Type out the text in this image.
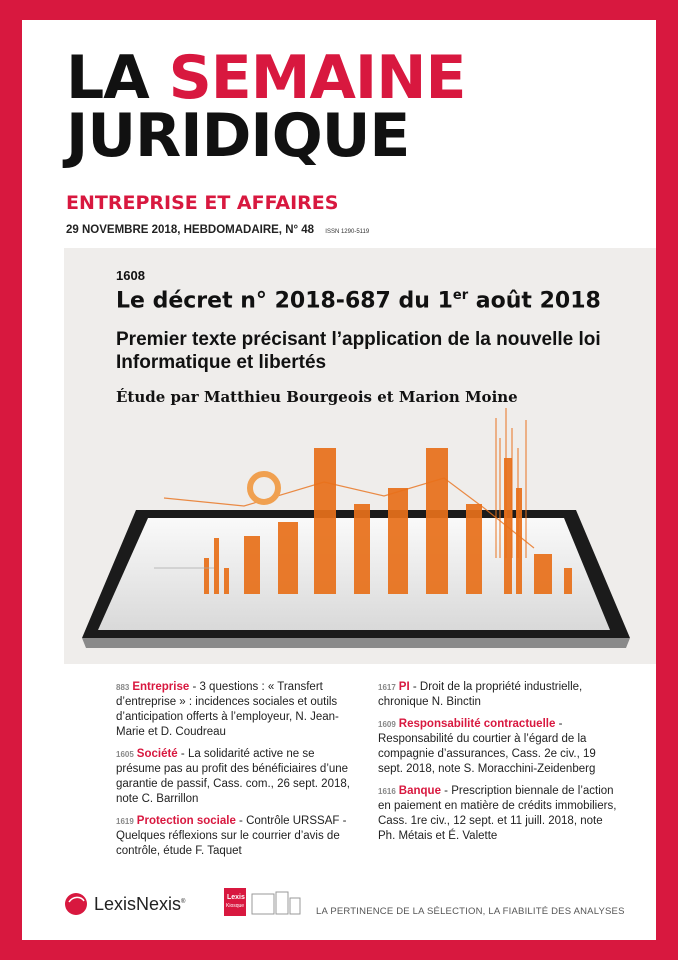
LA SEMAINE
JURIDIQUE
ENTREPRISE ET AFFAIRES
29 NOVEMBRE 2018, HEBDOMADAIRE, N° 48 ISSN 1290-5119
1608
Le décret n° 2018-687 du 1er août 2018
Premier texte précisant l’application de la nouvelle loi Informatique et libertés
Étude par Matthieu Bourgeois et Marion Moine
883 Entreprise - 3 questions : « Transfert d’entreprise » : incidences sociales et outils d’anticipation offerts à l’employeur, N. Jean-Marie et D. Coudreau
1605 Société - La solidarité active ne se présume pas au profit des bénéficiaires d’une garantie de passif, Cass. com., 26 sept. 2018, note C. Barrillon
1619 Protection sociale - Contrôle URSSAF - Quelques réflexions sur le courrier d’avis de contrôle, étude F. Taquet
1617 PI - Droit de la propriété industrielle, chronique N. Binctin
1609 Responsabilité contractuelle - Responsabilité du courtier à l’égard de la compagnie d’assurances, Cass. 2e civ., 19 sept. 2018, note S. Moracchini-Zeidenberg
1616 Banque - Prescription biennale de l’action en paiement en matière de crédits immobiliers, Cass. 1re civ., 12 sept. et 11 juill. 2018, note Ph. Métais et É. Valette
LexisNexis®
Lexis
Kiosque	LA PERTINENCE DE LA SÉLECTION, LA FIABILITÉ DES ANALYSES
